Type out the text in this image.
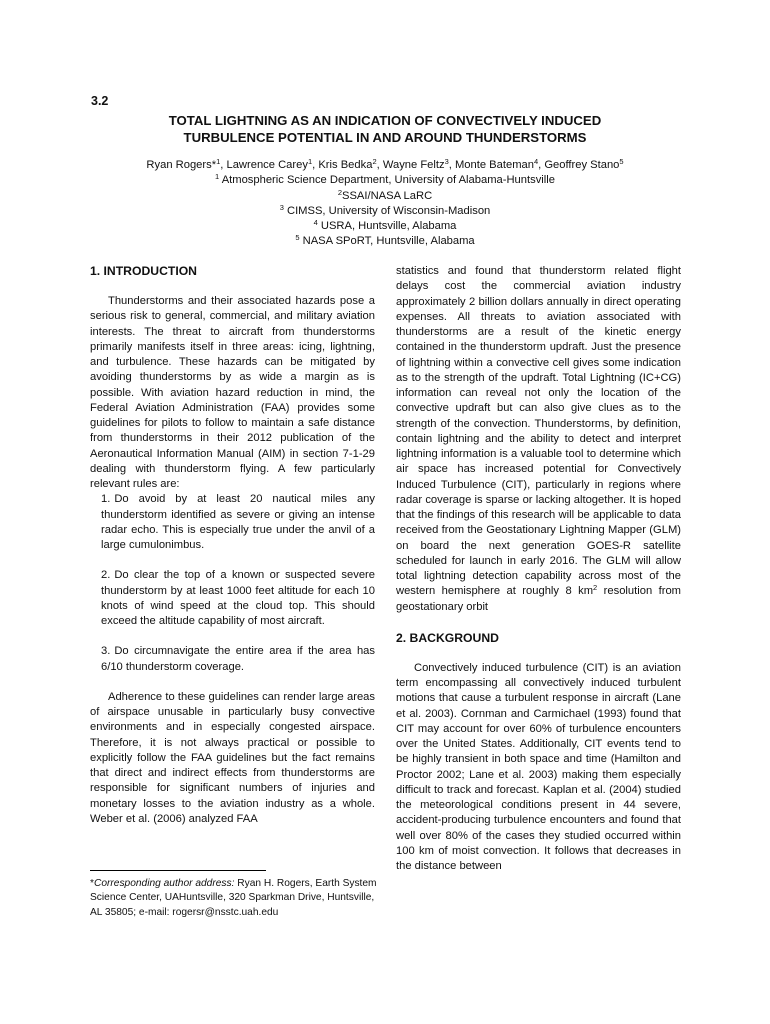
3.2
TOTAL LIGHTNING AS AN INDICATION OF CONVECTIVELY INDUCED
TURBULENCE POTENTIAL IN AND AROUND THUNDERSTORMS
Ryan Rogers*$^1$, Lawrence Carey$^1$, Kris Bedka$^2$, Wayne Feltz$^3$, Monte Bateman$^4$, Geoffrey Stano$^5$
$^1$ Atmospheric Science Department, University of Alabama-Huntsville
$^2$SSAI/NASA LaRC
$^3$ CIMSS, University of Wisconsin-Madison
$^4$ USRA, Huntsville, Alabama
$^5$ NASA SPoRT, Huntsville, Alabama
1. INTRODUCTION

Thunderstorms and their associated hazards pose a serious risk to general, commercial, and military aviation interests. The threat to aircraft from thunderstorms primarily manifests itself in three areas: icing, lightning, and turbulence. These hazards can be mitigated by avoiding thunderstorms by as wide a margin as is possible. With aviation hazard reduction in mind, the Federal Aviation Administration (FAA) provides some guidelines for pilots to follow to maintain a safe distance from thunderstorms in their 2012 publication of the Aeronautical Information Manual (AIM) in section 7-1-29 dealing with thunderstorm flying. A few particularly relevant rules are:

1. Do avoid by at least 20 nautical miles any thunderstorm identified as severe or giving an intense radar echo. This is especially true under the anvil of a large cumulonimbus.

2. Do clear the top of a known or suspected severe thunderstorm by at least 1000 feet altitude for each 10 knots of wind speed at the cloud top. This should exceed the altitude capability of most aircraft.

3. Do circumnavigate the entire area if the area has 6/10 thunderstorm coverage.

Adherence to these guidelines can render large areas of airspace unusable in particularly busy convective environments and in especially congested airspace. Therefore, it is not always practical or possible to explicitly follow the FAA guidelines but the fact remains that direct and indirect effects from thunderstorms are responsible for significant numbers of injuries and monetary losses to the aviation industry as a whole. Weber et al. (2006) analyzed FAA

*Corresponding author address: Ryan H. Rogers, Earth System Science Center, UAHuntsville, 320 Sparkman Drive, Huntsville, AL 35805; e-mail: rogersr@nsstc.uah.edu

statistics and found that thunderstorm related flight delays cost the commercial aviation industry approximately 2 billion dollars annually in direct operating expenses. All threats to aviation associated with thunderstorms are a result of the kinetic energy contained in the thunderstorm updraft. Just the presence of lightning within a convective cell gives some indication as to the strength of the updraft. Total Lightning (IC+CG) information can reveal not only the location of the convective updraft but can also give clues as to the strength of the convection. Thunderstorms, by definition, contain lightning and the ability to detect and interpret lightning information is a valuable tool to determine which air space has increased potential for Convectively Induced Turbulence (CIT), particularly in regions where radar coverage is sparse or lacking altogether. It is hoped that the findings of this research will be applicable to data received from the Geostationary Lightning Mapper (GLM) on board the next generation GOES-R satellite scheduled for launch in early 2016. The GLM will allow total lightning detection capability across most of the western hemisphere at roughly 8 $km^2$ resolution from geostationary orbit

2. BACKGROUND

Convectively induced turbulence (CIT) is an aviation term encompassing all convectively induced turbulent motions that cause a turbulent response in aircraft (Lane et al. 2003). Cornman and Carmichael (1993) found that CIT may account for over 60% of turbulence encounters over the United States. Additionally, CIT events tend to be highly transient in both space and time (Hamilton and Proctor 2002; Lane et al. 2003) making them especially difficult to track and forecast. Kaplan et al. (2004) studied the meteorological conditions present in 44 severe, accident-producing turbulence encounters and found that well over 80% of the cases they studied occurred within 100 km of moist convection. It follows that decreases in the distance between
